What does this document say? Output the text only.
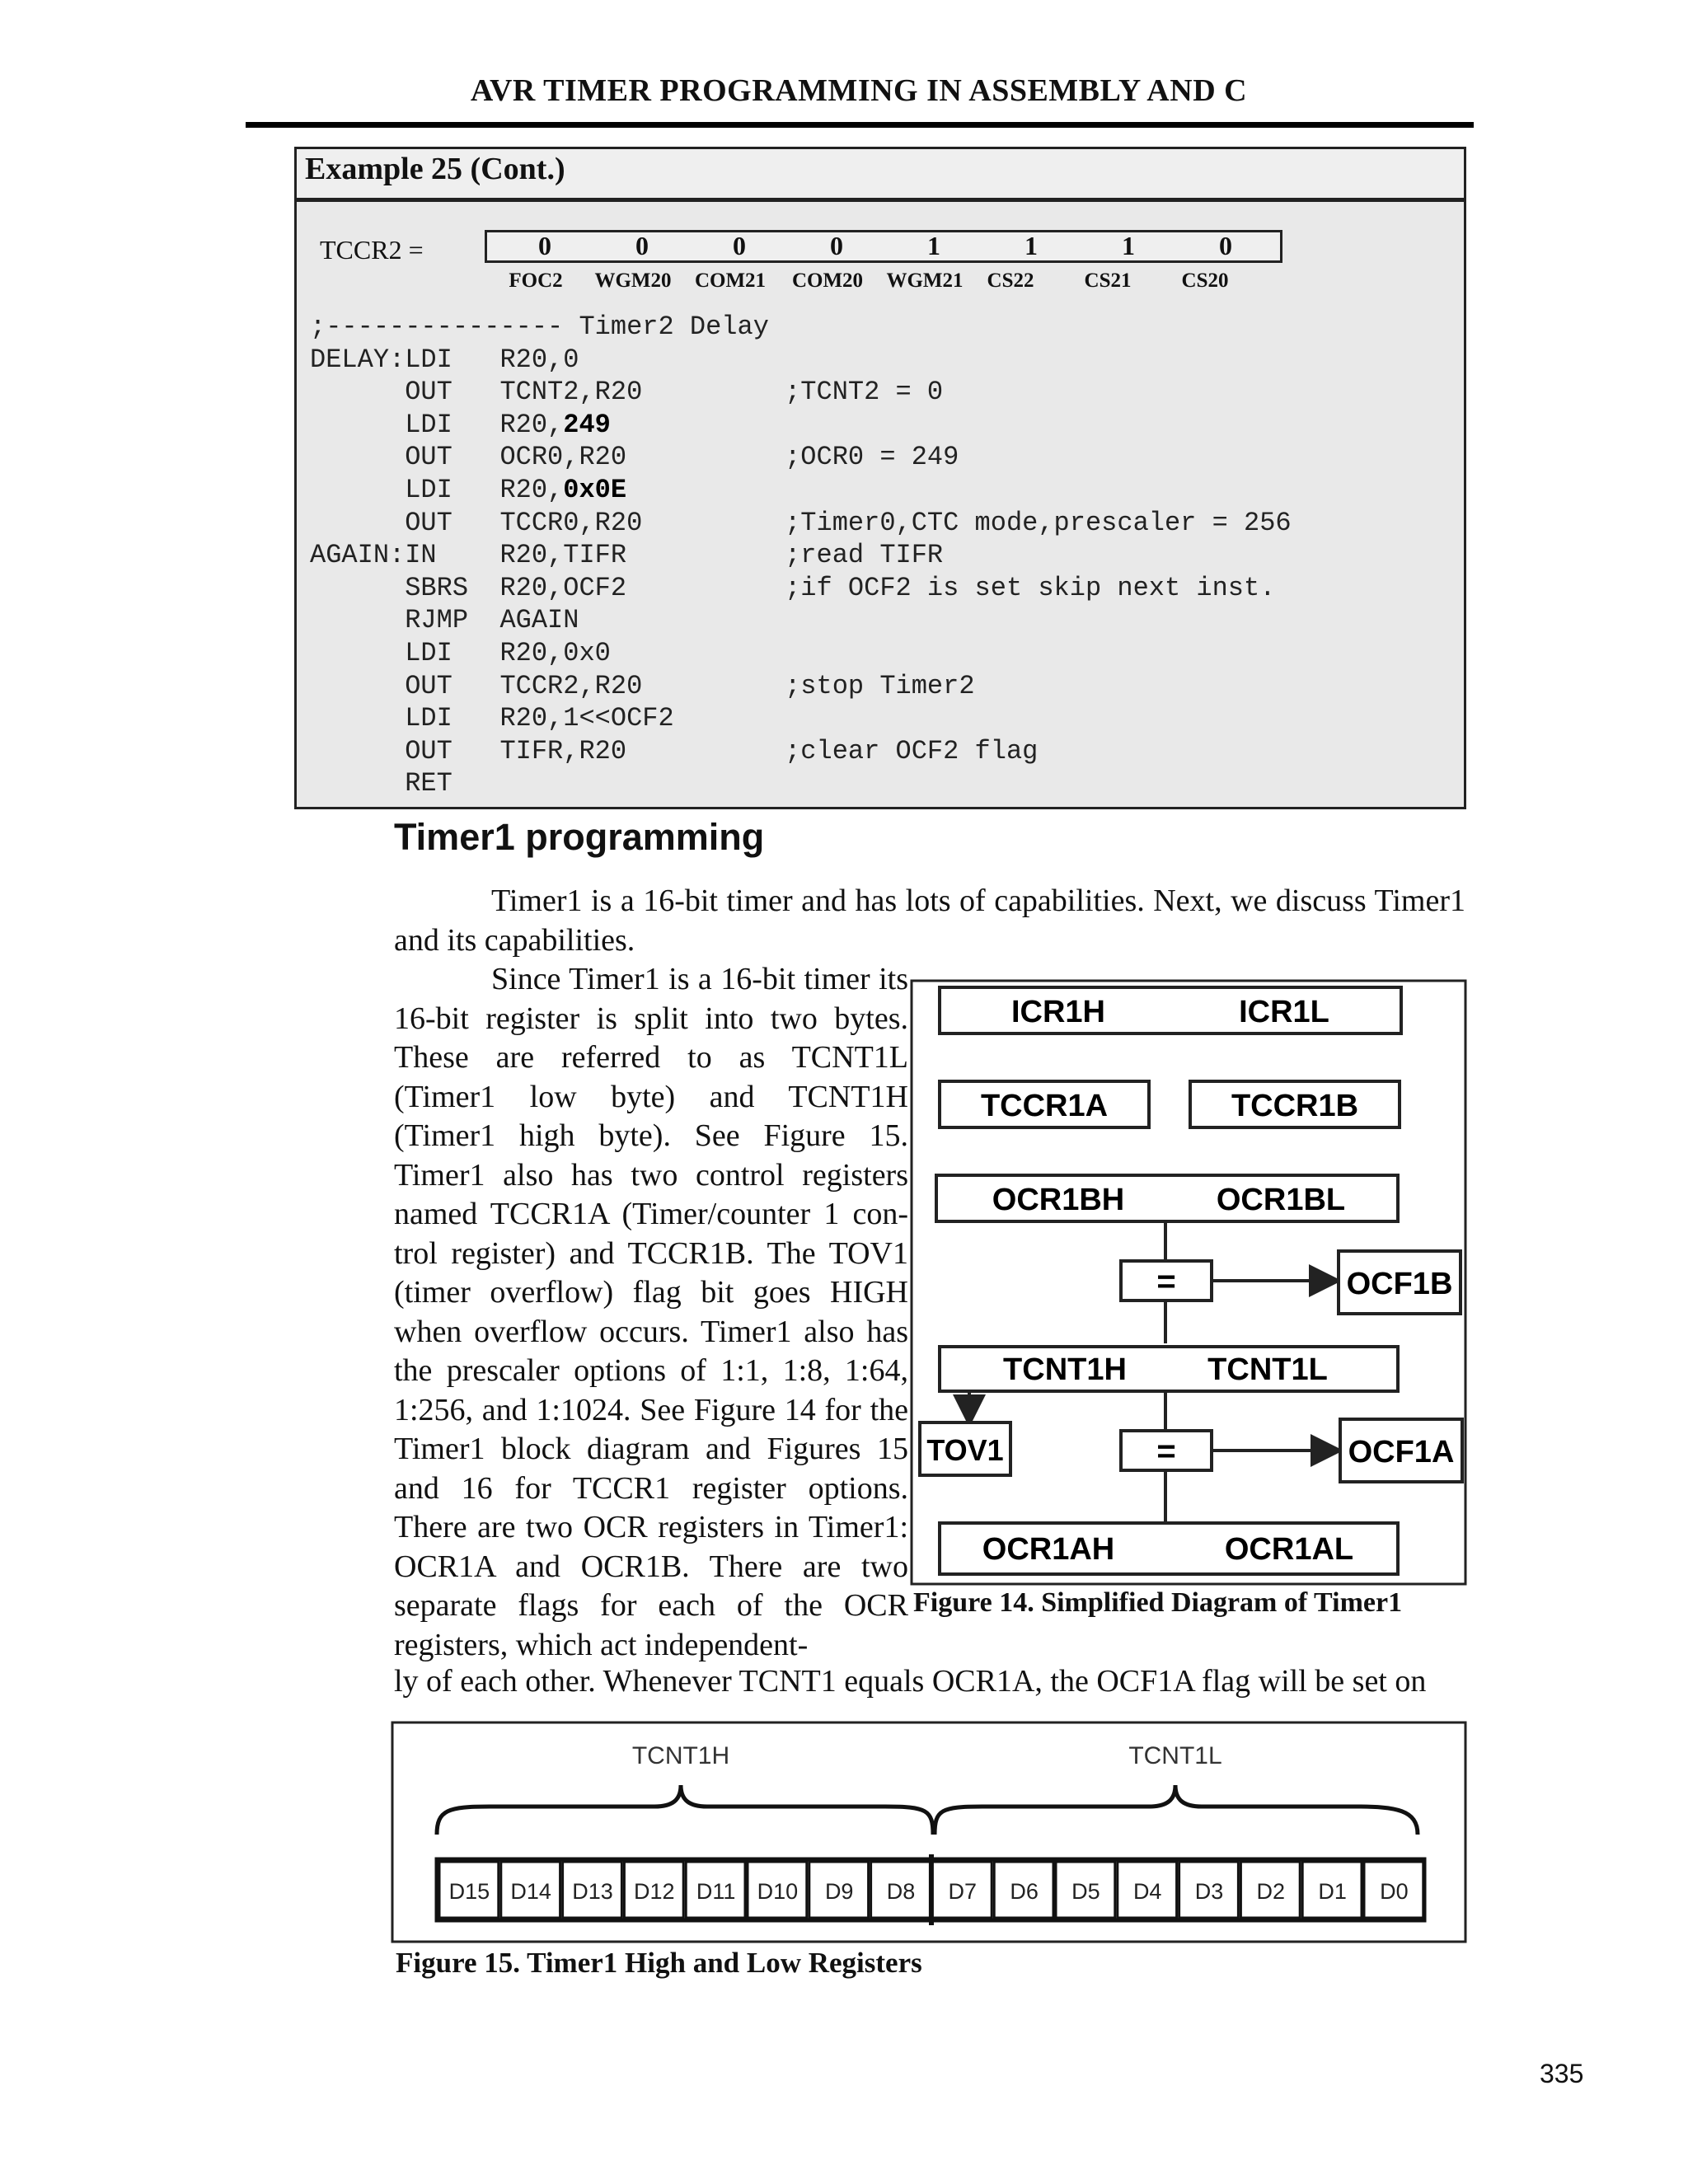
AVR TIMER PROGRAMMING IN ASSEMBLY AND C
Example 25 (Cont.)
TCCR2 =	0	0	0	0	1	1	1	0
FOC2	WGM20	COM21	COM20	WGM21	CS22	CS21	CS20
;--------------- Timer2 Delay
DELAY:LDI   R20,0
OUT   TCNT2,R20         ;TCNT2 = 0
LDI   R20,249
OUT   OCR0,R20          ;OCR0 = 249
LDI   R20,0x0E
OUT   TCCR0,R20         ;Timer0,CTC mode,prescaler = 256
AGAIN:IN    R20,TIFR          ;read TIFR
SBRS  R20,OCF2          ;if OCF2 is set skip next inst.
RJMP  AGAIN
LDI   R20,0x0
OUT   TCCR2,R20         ;stop Timer2
LDI   R20,1<<OCF2
OUT   TIFR,R20          ;clear OCF2 flag
RET

Timer1 programming
Timer1 is a 16-bit timer and has lots of capabilities. Next, we discuss Timer1 and its capabilities.
Since Timer1 is a 16-bit timer its 16-bit register is split into two bytes. These are referred to as TCNT1L (Timer1 low byte) and TCNT1H (Timer1 high byte). See Figure 15. Timer1 also has two control registers named TCCR1A (Timer/counter 1 con-trol register) and TCCR1B. The TOV1 (timer overflow) flag bit goes HIGH when overflow occurs. Timer1 also has the prescaler options of 1:1, 1:8, 1:64, 1:256, and 1:1024. See Figure 14 for the Timer1 block diagram and Figures 15 and 16 for TCCR1 register options. There are two OCR registers in Timer1: OCR1A and OCR1B. There are two separate flags for each of the OCR registers, which act independent-
ly of each other. Whenever TCNT1 equals OCR1A, the OCF1A flag will be set on
ICR1H	ICR1L
TCCR1A	TCCR1B
OCR1BH	OCR1BL
=	OCF1B
TCNT1H	TCNT1L
TOV1	=	OCF1A
OCR1AH	OCR1AL
Figure 14. Simplified Diagram of Timer1
TCNT1H	TCNT1L
D15 D14 D13 D12 D11 D10 D9 D8 D7 D6 D5 D4 D3 D2 D1 D0
Figure 15. Timer1 High and Low Registers
335
